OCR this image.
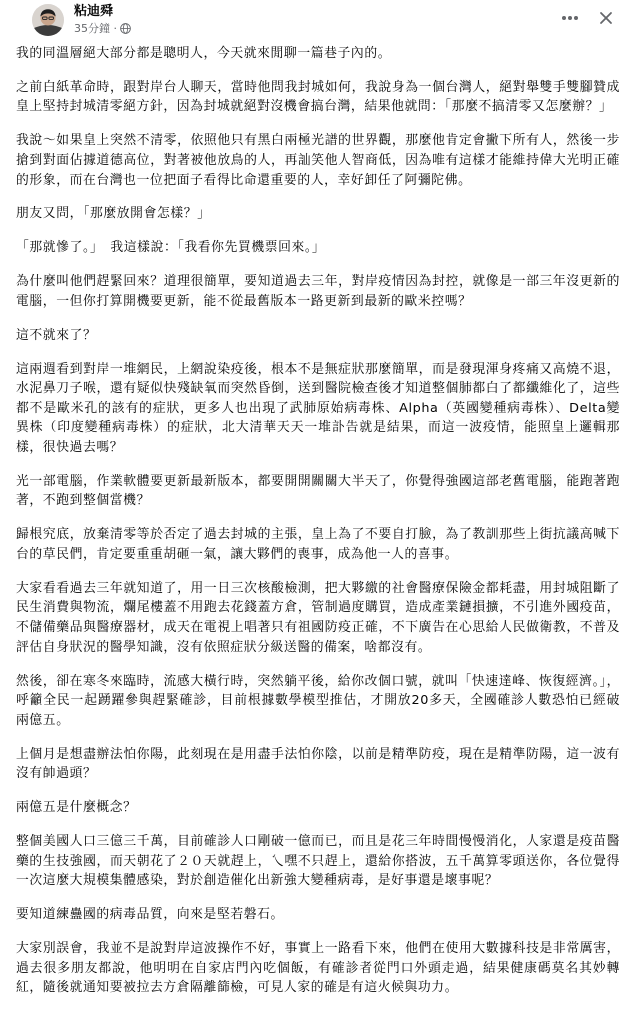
粘迪舜
35分鐘 ·

我的同溫層絕大部分都是聰明人，今天就來閒聊一篇巷子內的。

之前白紙革命時，跟對岸台人聊天，當時他問我封城如何，我說身為一個台灣人，絕對舉雙手雙腳贊成皇上堅持封城清零絕方針，因為封城就絕對沒機會搞台灣，結果他就問：「那麼不搞清零又怎麼辦？」

我說～如果皇上突然不清零，依照他只有黑白兩極光譜的世界觀，那麼他肯定會撇下所有人，然後一步搶到對面佔據道德高位，對著被他放鳥的人，再訕笑他人智商低，因為唯有這樣才能維持偉大光明正確的形象，而在台灣也一位把面子看得比命還重要的人，幸好卸任了阿彌陀佛。

朋友又問，「那麼放開會怎樣？」

「那就慘了。」　我這樣說：「我看你先買機票回來。」

為什麼叫他們趕緊回來？道理很簡單，要知道過去三年，對岸疫情因為封控，就像是一部三年沒更新的電腦，一但你打算開機要更新，能不從最舊版本一路更新到最新的歐米控嗎？

這不就來了？

這兩週看到對岸一堆網民，上網說染疫後，根本不是無症狀那麼簡單，而是發現渾身疼痛又高燒不退，水泥鼻刀子喉，還有疑似快殘缺氧而突然昏倒，送到醫院檢查後才知道整個肺都白了都纖維化了，這些都不是歐米孔的該有的症狀，更多人也出現了武肺原始病毒株、Alpha（英國變種病毒株）、Delta變異株（印度變種病毒株）的症狀，北大清華天天一堆訃告就是結果，而這一波疫情，能照皇上邏輯那樣，很快過去嗎？

光一部電腦，作業軟體要更新最新版本，都要開開關關大半天了，你覺得強國這部老舊電腦，能跑著跑著，不跑到整個當機？

歸根究底，放棄清零等於否定了過去封城的主張，皇上為了不要自打臉，為了教訓那些上街抗議高喊下台的草民們，肯定要重重胡砸一氣，讓大夥們的喪事，成為他一人的喜事。

大家看看過去三年就知道了，用一日三次核酸檢測，把大夥繳的社會醫療保險金都耗盡，用封城阻斷了民生消費與物流，爛尾樓蓋不用跑去花錢蓋方倉，管制過度購買，造成產業鏈損擴，不引進外國疫苗，不儲備藥品與醫療器材，成天在電視上唱著只有祖國防疫正確，不下廣告在心思給人民做衛教，不普及評估自身狀況的醫學知識，沒有依照症狀分級送醫的備案，啥都沒有。

然後，卻在寒冬來臨時，流感大橫行時，突然躺平後，給你改個口號，就叫「快速達峰、恢復經濟。」，呼籲全民一起踴躍參與趕緊確診，目前根據數學模型推估，才開放20多天，全國確診人數恐怕已經破兩億五。

上個月是想盡辦法怕你陽，此刻現在是用盡手法怕你陰，以前是精準防疫，現在是精準防陽，這一波有沒有帥過頭？

兩億五是什麼概念？

整個美國人口三億三千萬，目前確診人口剛破一億而已，而且是花三年時間慢慢消化，人家還是疫苗醫藥的生技強國，而天朝花了２０天就趕上，乀嘿不只趕上，還給你搭波，五千萬算零頭送你，各位覺得一次這麼大規模集體感染，對於創造催化出新強大變種病毒，是好事還是壞事呢？

要知道練蠱國的病毒品質，向來是堅若磐石。

大家別誤會，我並不是說對岸這波操作不好，事實上一路看下來，他們在使用大數據科技是非常厲害，過去很多朋友都說，他明明在自家店門內吃個飯，有確診者從門口外頭走過，結果健康碼莫名其妙轉紅，隨後就通知要被拉去方倉隔離篩檢，可見人家的確是有這火候與功力。
